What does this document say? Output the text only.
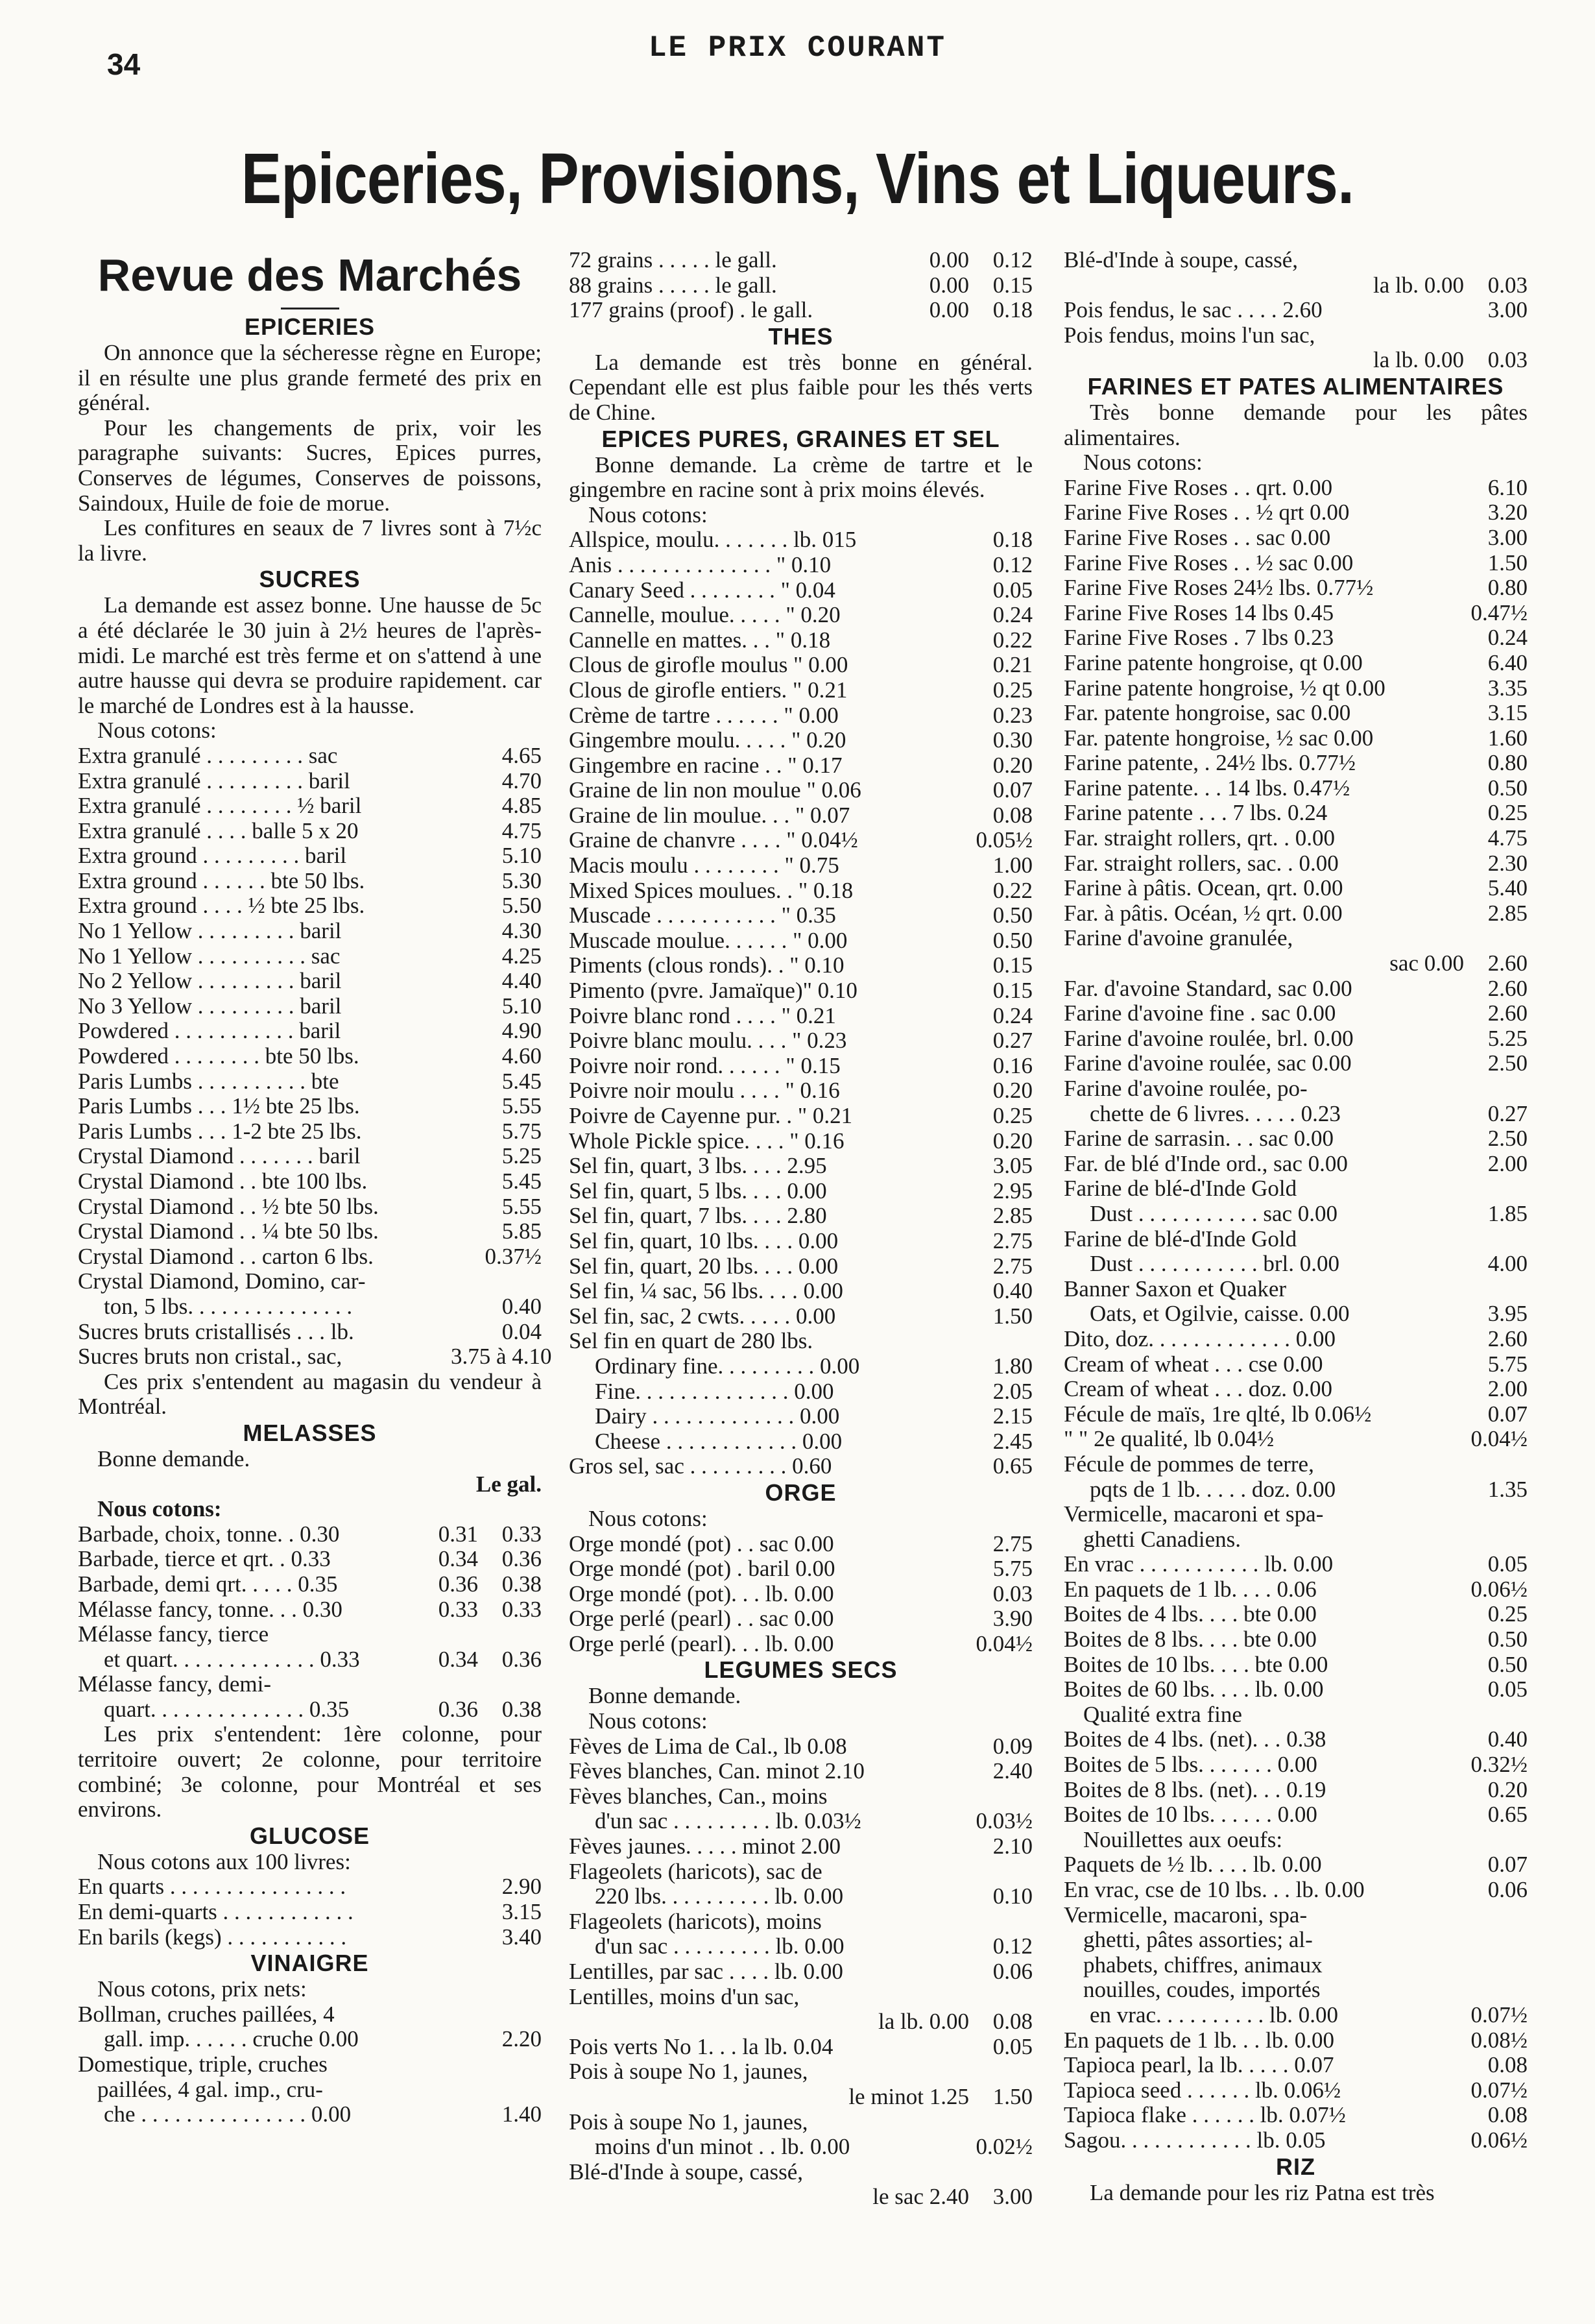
34	LE PRIX COURANT
Epiceries, Provisions, Vins et Liqueurs.
Revue des Marchés
EPICERIES
On annonce que la sécheresse règne en Europe; il en résulte une plus grande fermeté des prix en général.
Pour les changements de prix, voir les paragraphe suivants: Sucres, Epices purres, Conserves de légumes, Conserves de poissons, Saindoux, Huile de foie de morue.
Les confitures en seaux de 7 livres sont à 7½c la livre.
SUCRES
La demande est assez bonne. Une hausse de 5c a été déclarée le 30 juin à 2½ heures de l'après-midi. Le marché est très ferme et on s'attend à une autre hausse qui devra se produire rapidement. car le marché de Londres est à la hausse.
Nous cotons:
Extra granulé . . . . . . . . . sac	4.65
Extra granulé . . . . . . . . . baril	4.70
Extra granulé . . . . . . . . ½ baril	4.85
Extra granulé . . . . balle 5 x 20	4.75
Extra ground . . . . . . . . . baril	5.10
Extra ground . . . . . . bte 50 lbs.	5.30
Extra ground . . . . ½ bte 25 lbs.	5.50
No 1 Yellow . . . . . . . . . baril	4.30
No 1 Yellow . . . . . . . . . . sac	4.25
No 2 Yellow . . . . . . . . . baril	4.40
No 3 Yellow . . . . . . . . . baril	5.10
Powdered . . . . . . . . . . . baril	4.90
Powdered . . . . . . . . bte 50 lbs.	4.60
Paris Lumbs . . . . . . . . . . bte	5.45
Paris Lumbs . . . 1½ bte 25 lbs.	5.55
Paris Lumbs . . . 1-2 bte 25 lbs.	5.75
Crystal Diamond . . . . . . . baril	5.25
Crystal Diamond . . bte 100 lbs.	5.45
Crystal Diamond . . ½ bte 50 lbs.	5.55
Crystal Diamond . . ¼ bte 50 lbs.	5.85
Crystal Diamond . . carton 6 lbs.	0.37½
Crystal Diamond, Domino, car-
ton, 5 lbs. . . . . . . . . . . . . . .	0.40
Sucres bruts cristallisés . . . lb.	0.04
Sucres bruts non cristal., sac,	3.75 à 4.10
Ces prix s'entendent au magasin du vendeur à Montréal.
MELASSES
Bonne demande.
Le gal.
Nous cotons:
Barbade, choix, tonne. . 0.30	0.31	0.33
Barbade, tierce et qrt. . 0.33	0.34	0.36
Barbade, demi qrt. . . . . 0.35	0.36	0.38
Mélasse fancy, tonne. . . 0.30	0.33	0.33
Mélasse fancy, tierce
et quart. . . . . . . . . . . . . 0.33	0.34	0.36
Mélasse fancy, demi-
quart. . . . . . . . . . . . . . 0.35	0.36	0.38
Les prix s'entendent: 1ère colonne, pour territoire ouvert; 2e colonne, pour territoire combiné; 3e colonne, pour Montréal et ses environs.
GLUCOSE
Nous cotons aux 100 livres:
En quarts . . . . . . . . . . . . . . . .	2.90
En demi-quarts . . . . . . . . . . . .	3.15
En barils (kegs) . . . . . . . . . . .	3.40
VINAIGRE
Nous cotons, prix nets:
Bollman, cruches paillées, 4
gall. imp. . . . . . cruche 0.00	2.20
Domestique, triple, cruches
paillées, 4 gal. imp., cru-
che . . . . . . . . . . . . . . . 0.00	1.40
72 grains . . . . . le gall.	0.00	0.12
88 grains . . . . . le gall.	0.00	0.15
177 grains (proof) . le gall.	0.00	0.18
THES
La demande est très bonne en général. Cependant elle est plus faible pour les thés verts de Chine.
EPICES PURES, GRAINES ET SEL
Bonne demande. La crème de tartre et le gingembre en racine sont à prix moins élevés.
Nous cotons:
Allspice, moulu. . . . . . . lb. 015	0.18
Anis . . . . . . . . . . . . . . " 0.10	0.12
Canary Seed . . . . . . . . " 0.04	0.05
Cannelle, moulue. . . . . " 0.20	0.24
Cannelle en mattes. . . " 0.18	0.22
Clous de girofle moulus " 0.00	0.21
Clous de girofle entiers. " 0.21	0.25
Crème de tartre . . . . . . " 0.00	0.23
Gingembre moulu. . . . . " 0.20	0.30
Gingembre en racine . . " 0.17	0.20
Graine de lin non moulue " 0.06	0.07
Graine de lin moulue. . . " 0.07	0.08
Graine de chanvre . . . . " 0.04½	0.05½
Macis moulu . . . . . . . . " 0.75	1.00
Mixed Spices moulues. . " 0.18	0.22
Muscade . . . . . . . . . . . " 0.35	0.50
Muscade moulue. . . . . . " 0.00	0.50
Piments (clous ronds). . " 0.10	0.15
Pimento (pvre. Jamaïque)" 0.10	0.15
Poivre blanc rond . . . . " 0.21	0.24
Poivre blanc moulu. . . . " 0.23	0.27
Poivre noir rond. . . . . . " 0.15	0.16
Poivre noir moulu . . . . " 0.16	0.20
Poivre de Cayenne pur. . " 0.21	0.25
Whole Pickle spice. . . . " 0.16	0.20
Sel fin, quart, 3 lbs. . . . 2.95	3.05
Sel fin, quart, 5 lbs. . . . 0.00	2.95
Sel fin, quart, 7 lbs. . . . 2.80	2.85
Sel fin, quart, 10 lbs. . . . 0.00	2.75
Sel fin, quart, 20 lbs. . . . 0.00	2.75
Sel fin, ¼ sac, 56 lbs. . . . 0.00	0.40
Sel fin, sac, 2 cwts. . . . . 0.00	1.50
Sel fin en quart de 280 lbs.
Ordinary fine. . . . . . . . . 0.00	1.80
Fine. . . . . . . . . . . . . . 0.00	2.05
Dairy . . . . . . . . . . . . . 0.00	2.15
Cheese . . . . . . . . . . . . 0.00	2.45
Gros sel, sac . . . . . . . . . 0.60	0.65
ORGE
Nous cotons:
Orge mondé (pot) . . sac 0.00	2.75
Orge mondé (pot) . baril 0.00	5.75
Orge mondé (pot). . . lb. 0.00	0.03
Orge perlé (pearl) . . sac 0.00	3.90
Orge perlé (pearl). . . lb. 0.00	0.04½
LEGUMES SECS
Bonne demande.
Nous cotons:
Fèves de Lima de Cal., lb 0.08	0.09
Fèves blanches, Can. minot 2.10	2.40
Fèves blanches, Can., moins
d'un sac . . . . . . . . . lb. 0.03½	0.03½
Fèves jaunes. . . . . minot 2.00	2.10
Flageolets (haricots), sac de
220 lbs. . . . . . . . . . lb. 0.00	0.10
Flageolets (haricots), moins
d'un sac . . . . . . . . . lb. 0.00	0.12
Lentilles, par sac . . . . lb. 0.00	0.06
Lentilles, moins d'un sac,
la lb. 0.00	0.08
Pois verts No 1. . . la lb. 0.04	0.05
Pois à soupe No 1, jaunes,
le minot 1.25	1.50
Pois à soupe No 1, jaunes,
moins d'un minot . . lb. 0.00	0.02½
Blé-d'Inde à soupe, cassé,
le sac 2.40	3.00
Blé-d'Inde à soupe, cassé,
la lb. 0.00	0.03
Pois fendus, le sac . . . . 2.60	3.00
Pois fendus, moins l'un sac,
la lb. 0.00	0.03
FARINES ET PATES ALIMENTAIRES
Très bonne demande pour les pâtes alimentaires.
Nous cotons:
Farine Five Roses . . qrt. 0.00	6.10
Farine Five Roses . . ½ qrt 0.00	3.20
Farine Five Roses . . sac 0.00	3.00
Farine Five Roses . . ½ sac 0.00	1.50
Farine Five Roses 24½ lbs. 0.77½	0.80
Farine Five Roses 14 lbs 0.45	0.47½
Farine Five Roses . 7 lbs 0.23	0.24
Farine patente hongroise, qt 0.00	6.40
Farine patente hongroise, ½ qt 0.00	3.35
Far. patente hongroise, sac 0.00	3.15
Far. patente hongroise, ½ sac 0.00	1.60
Farine patente, . 24½ lbs. 0.77½	0.80
Farine patente. . . 14 lbs. 0.47½	0.50
Farine patente . . . 7 lbs. 0.24	0.25
Far. straight rollers, qrt. . 0.00	4.75
Far. straight rollers, sac. . 0.00	2.30
Farine à pâtis. Ocean, qrt. 0.00	5.40
Far. à pâtis. Océan, ½ qrt. 0.00	2.85
Farine d'avoine granulée,
sac 0.00	2.60
Far. d'avoine Standard, sac 0.00	2.60
Farine d'avoine fine . sac 0.00	2.60
Farine d'avoine roulée, brl. 0.00	5.25
Farine d'avoine roulée, sac 0.00	2.50
Farine d'avoine roulée, po-
chette de 6 livres. . . . . 0.23	0.27
Farine de sarrasin. . . sac 0.00	2.50
Far. de blé d'Inde ord., sac 0.00	2.00
Farine de blé-d'Inde Gold
Dust . . . . . . . . . . . sac 0.00	1.85
Farine de blé-d'Inde Gold
Dust . . . . . . . . . . . brl. 0.00	4.00
Banner Saxon et Quaker
Oats, et Ogilvie, caisse. 0.00	3.95
Dito, doz. . . . . . . . . . . . . 0.00	2.60
Cream of wheat . . . cse 0.00	5.75
Cream of wheat . . . doz. 0.00	2.00
Fécule de maïs, 1re qlté, lb 0.06½	0.07
" " 2e qualité, lb 0.04½	0.04½
Fécule de pommes de terre,
pqts de 1 lb. . . . . doz. 0.00	1.35
Vermicelle, macaroni et spa-
ghetti Canadiens.
En vrac . . . . . . . . . . . lb. 0.00	0.05
En paquets de 1 lb. . . . 0.06	0.06½
Boites de 4 lbs. . . . bte 0.00	0.25
Boites de 8 lbs. . . . bte 0.00	0.50
Boites de 10 lbs. . . . bte 0.00	0.50
Boites de 60 lbs. . . . lb. 0.00	0.05
Qualité extra fine
Boites de 4 lbs. (net). . . 0.38	0.40
Boites de 5 lbs. . . . . . . 0.00	0.32½
Boites de 8 lbs. (net). . . 0.19	0.20
Boites de 10 lbs. . . . . . 0.00	0.65
Nouillettes aux oeufs:
Paquets de ½ lb. . . . lb. 0.00	0.07
En vrac, cse de 10 lbs. . . lb. 0.00	0.06
Vermicelle, macaroni, spa-
ghetti, pâtes assorties; al-
phabets, chiffres, animaux
nouilles, coudes, importés
en vrac. . . . . . . . . . lb. 0.00	0.07½
En paquets de 1 lb. . . lb. 0.00	0.08½
Tapioca pearl, la lb. . . . . 0.07	0.08
Tapioca seed . . . . . . lb. 0.06½	0.07½
Tapioca flake . . . . . . lb. 0.07½	0.08
Sagou. . . . . . . . . . . . lb. 0.05	0.06½
RIZ
La demande pour les riz Patna est très
